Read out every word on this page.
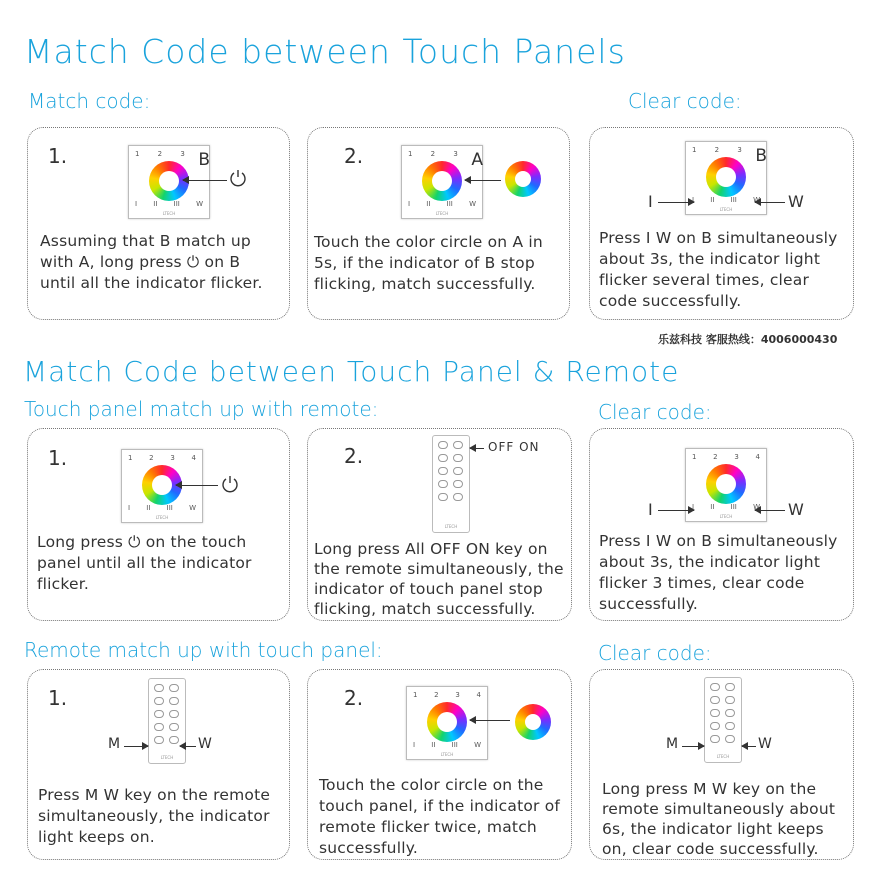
Match Code between Touch Panels
Match code:	Clear code:
1.	1	2	3 B
I II III W
LTECH
Assuming that B match up with A, long press ⏻ on B until all the indicator flicker.
2.	1	2	3 A
I II III W
LTECH
Touch the color circle on A in 5s, if the indicator of B stop flicking, match successfully.
1	2	3 B
II III
LTECH
I	W
Press I W on B simultaneously about 3s, the indicator light flicker several times, clear code successfully.
乐兹科技 客服热线：4006000430
Match Code between Touch Panel & Remote
Touch panel match up with remote:	Clear code:
1.	1 2 3 4
I II III W
LTECH
Long press ⏻ on the touch panel until all the indicator flicker.
2.
LTECH
OFF ON
Long press All OFF ON key on the remote simultaneously, the indicator of touch panel stop flicking, match successfully.
1 2 3 4
II III
LTECH
I	W
Press I W on B simultaneously about 3s, the indicator light flicker 3 times, clear code successfully.
Remote match up with touch panel:	Clear code:
1.
LTECH
M	W
Press M W key on the remote simultaneously, the indicator light keeps on.
2.	1 2 3 4
I II III W
LTECH
Touch the color circle on the touch panel, if the indicator of remote flicker twice, match successfully.
LTECH
M	W
Long press M W key on the remote simultaneously about 6s, the indicator light keeps on, clear code successfully.
